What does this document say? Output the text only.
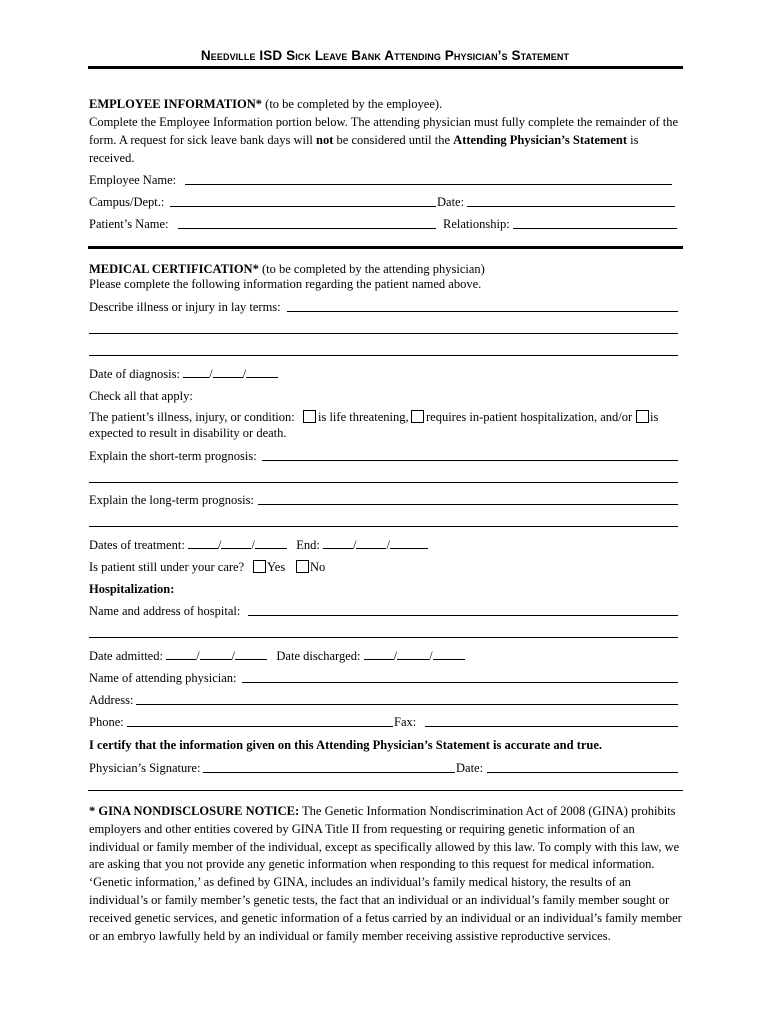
Needville ISD Sick Leave Bank Attending Physician’s Statement
EMPLOYEE INFORMATION* (to be completed by the employee).
Complete the Employee Information portion below. The attending physician must fully complete the remainder of the form. A request for sick leave bank days will not be considered until the Attending Physician’s Statement is received.
Employee Name:
Campus/Dept.:	Date:
Patient’s Name:	Relationship:
MEDICAL CERTIFICATION* (to be completed by the attending physician)
Please complete the following information regarding the patient named above.
Describe illness or injury in lay terms:
Date of diagnosis: / /
Check all that apply:
The patient’s illness, injury, or condition: is life threatening, requires in-patient hospitalization, and/or is
expected to result in disability or death.
Explain the short-term prognosis:
Explain the long-term prognosis:
Dates of treatment:	/ /	End:	/ /
Is patient still under your care? Yes No
Hospitalization:
Name and address of hospital:
Date admitted:	/	/	Date discharged:	/	/
Name of attending physician:
Address:
Phone:	Fax:
I certify that the information given on this Attending Physician’s Statement is accurate and true.
Physician’s Signature:	Date:
* GINA NONDISCLOSURE NOTICE: The Genetic Information Nondiscrimination Act of 2008 (GINA) prohibits employers and other entities covered by GINA Title II from requesting or requiring genetic information of an individual or family member of the individual, except as specifically allowed by this law. To comply with this law, we are asking that you not provide any genetic information when responding to this request for medical information. ‘Genetic information,’ as defined by GINA, includes an individual’s family medical history, the results of an individual’s or family member’s genetic tests, the fact that an individual or an individual’s family member sought or received genetic services, and genetic information of a fetus carried by an individual or an individual’s family member or an embryo lawfully held by an individual or family member receiving assistive reproductive services.
